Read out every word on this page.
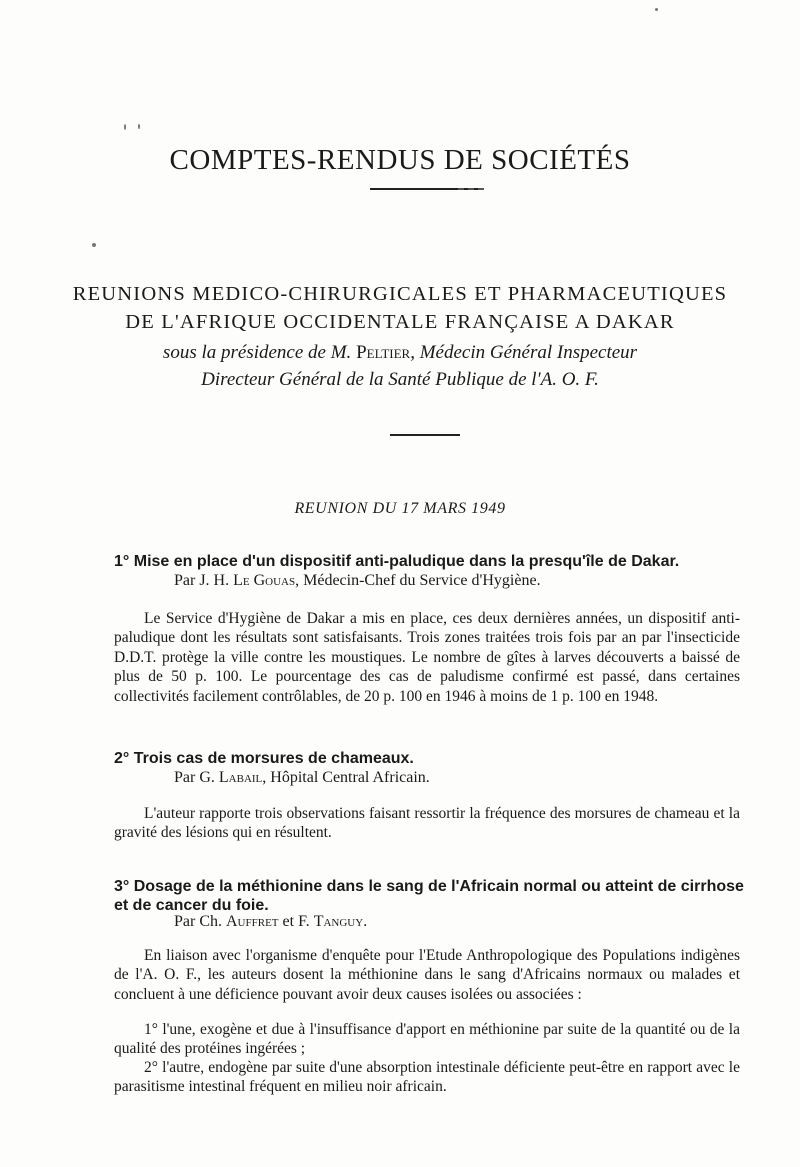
COMPTES-RENDUS DE SOCIÉTÉS
REUNIONS MEDICO-CHIRURGICALES ET PHARMACEUTIQUES
DE L'AFRIQUE OCCIDENTALE FRANÇAISE A DAKAR
sous la présidence de M. Peltier, Médecin Général Inspecteur
Directeur Général de la Santé Publique de l'A. O. F.
REUNION DU 17 MARS 1949
1° Mise en place d'un dispositif anti-paludique dans la presqu'île de Dakar.
Par J. H. Le Gouas, Médecin-Chef du Service d'Hygiène.
Le Service d'Hygiène de Dakar a mis en place, ces deux dernières années, un dispositif anti-paludique dont les résultats sont satisfaisants. Trois zones traitées trois fois par an par l'insecticide D.D.T. protège la ville contre les moustiques. Le nombre de gîtes à larves découverts a baissé de plus de 50 p. 100. Le pourcentage des cas de paludisme confirmé est passé, dans certaines collectivités facilement contrôlables, de 20 p. 100 en 1946 à moins de 1 p. 100 en 1948.
2° Trois cas de morsures de chameaux.
Par G. Labail, Hôpital Central Africain.
L'auteur rapporte trois observations faisant ressortir la fréquence des morsures de chameau et la gravité des lésions qui en résultent.
3° Dosage de la méthionine dans le sang de l'Africain normal ou atteint de cirrhose et de cancer du foie.
Par Ch. Auffret et F. Tanguy.
En liaison avec l'organisme d'enquête pour l'Etude Anthropologique des Populations indigènes de l'A. O. F., les auteurs dosent la méthionine dans le sang d'Africains normaux ou malades et concluent à une déficience pouvant avoir deux causes isolées ou associées :
1° l'une, exogène et due à l'insuffisance d'apport en méthionine par suite de la quantité ou de la qualité des protéines ingérées ;
2° l'autre, endogène par suite d'une absorption intestinale déficiente peut-être en rapport avec le parasitisme intestinal fréquent en milieu noir africain.
